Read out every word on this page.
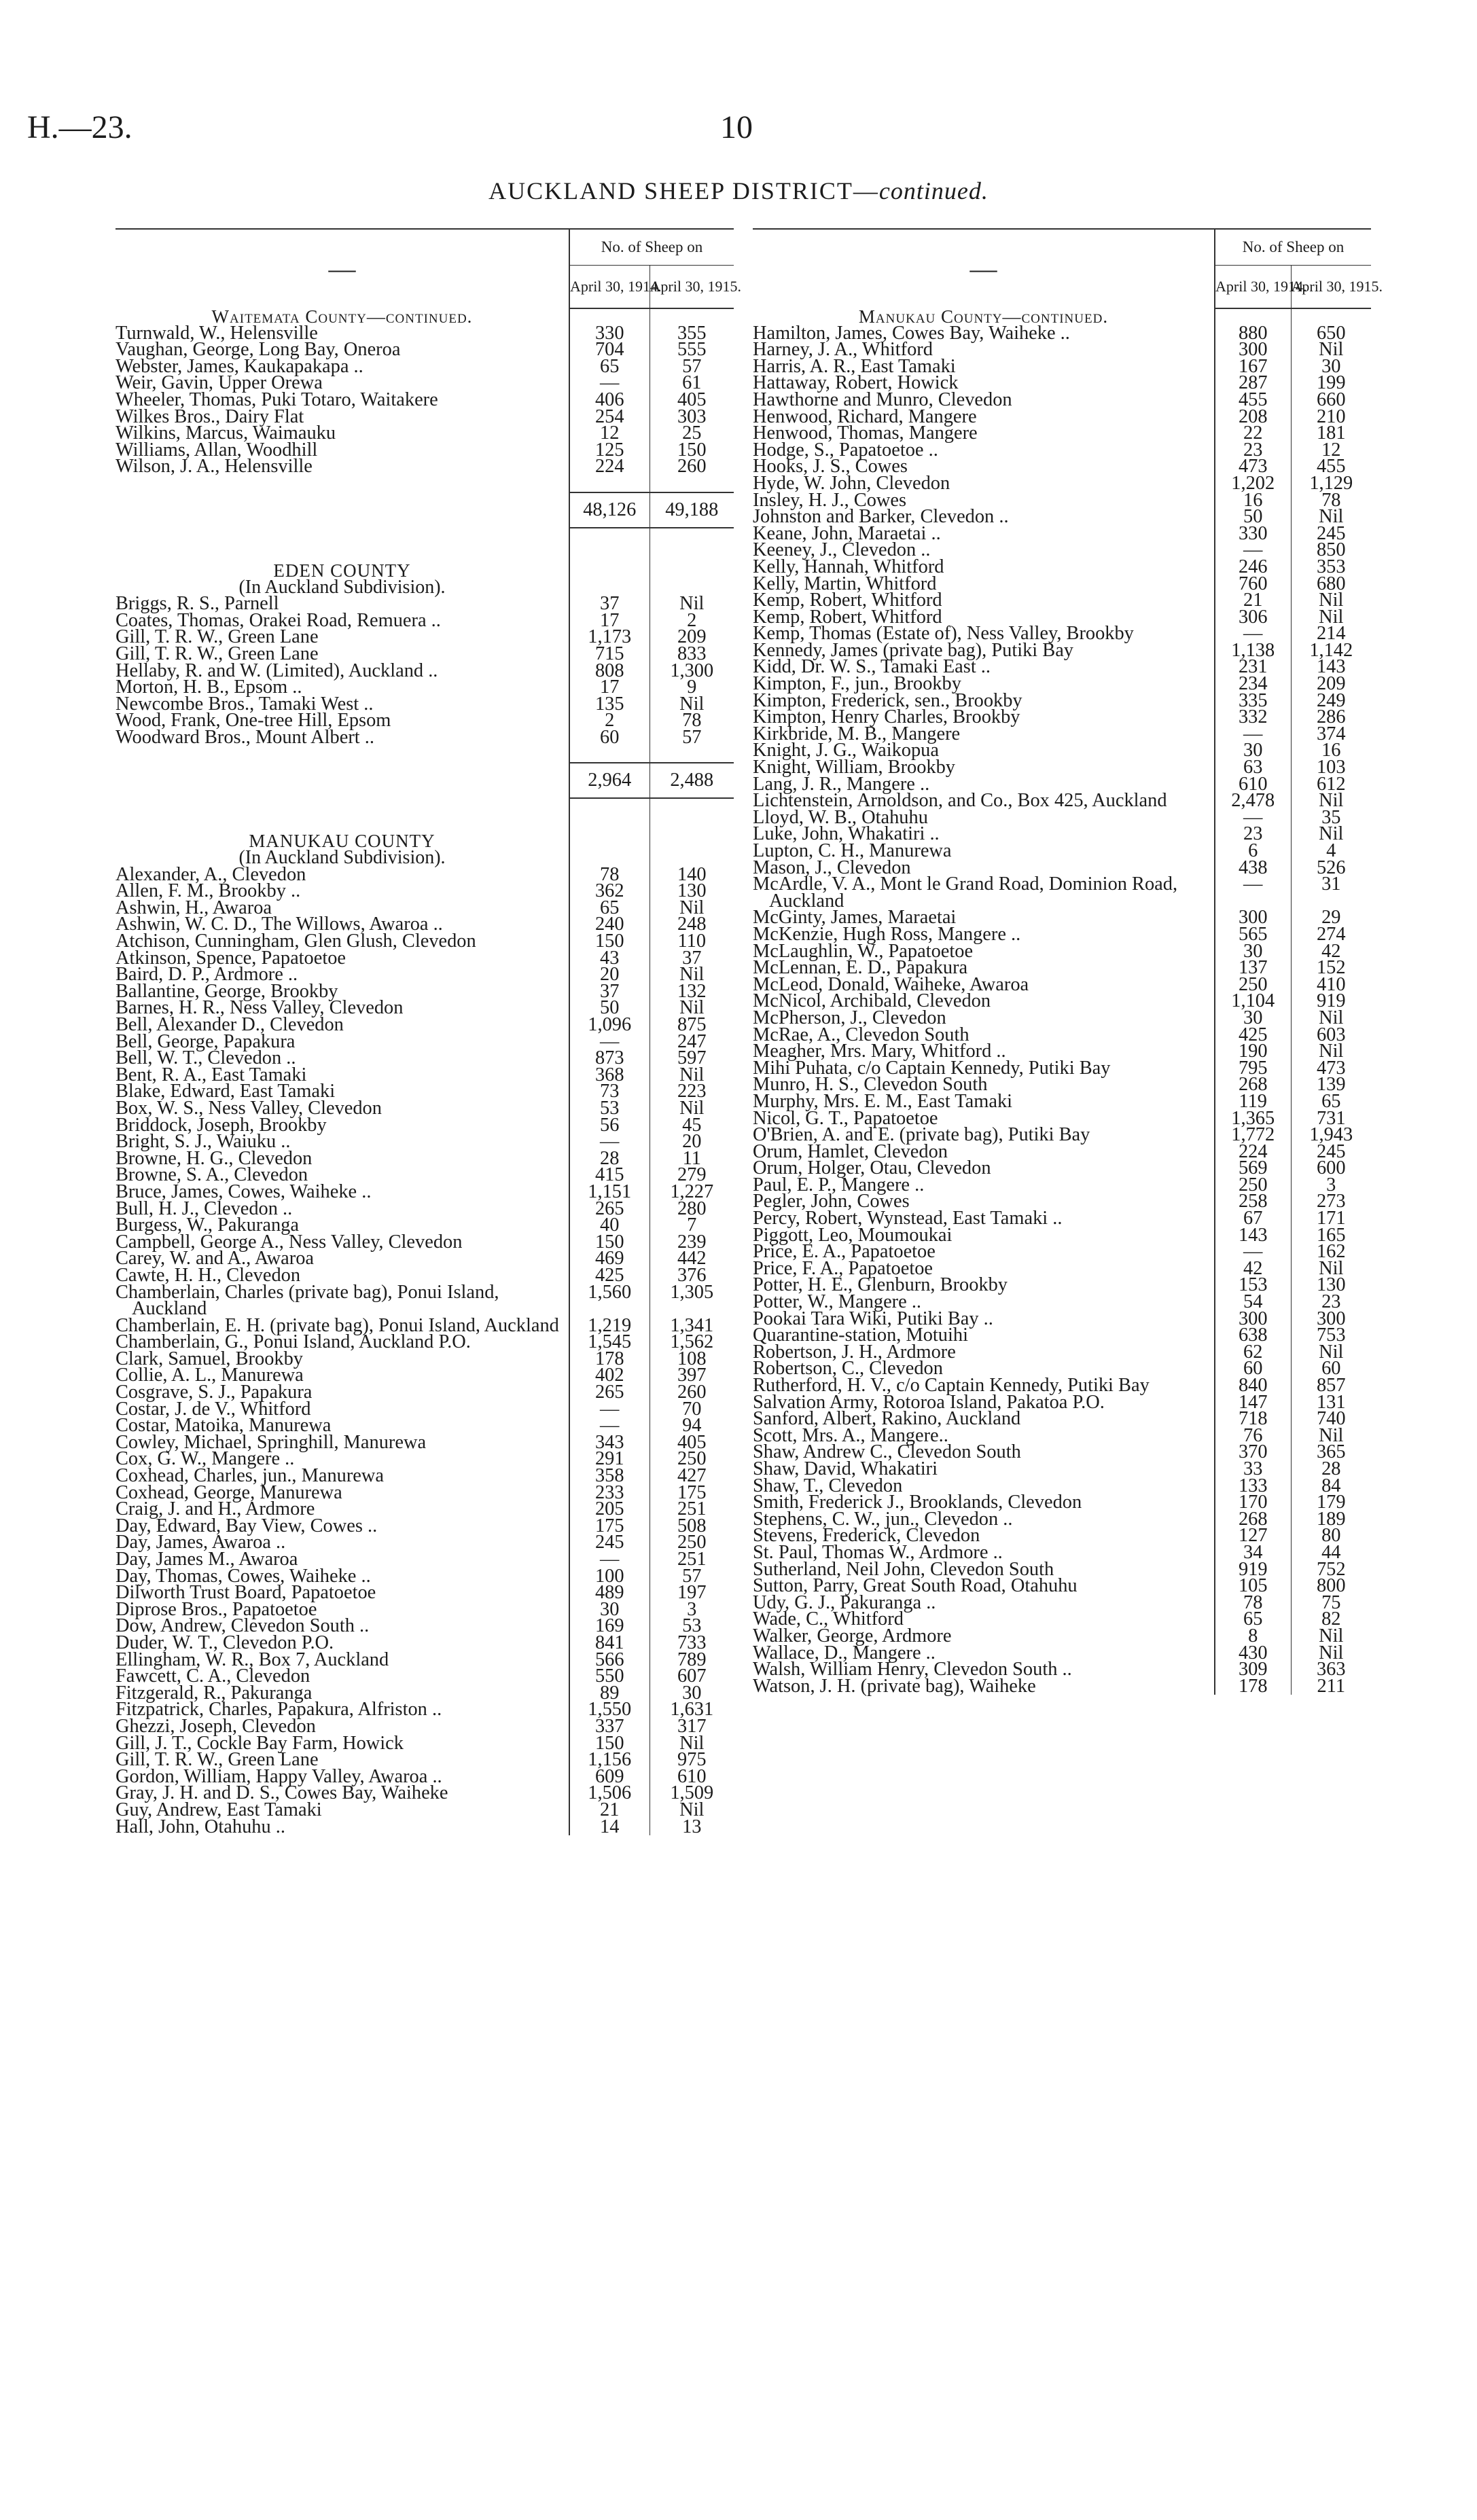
H.—23.	10
AUCKLAND SHEEP DISTRICT—continued.
—	No. of Sheep on	
	April 30, 1914.	April 30, 1915.
Waitemata County—continued.		
Turnwald, W., Helensville	330	355
Vaughan, George, Long Bay, Oneroa	704	555
Webster, James, Kaukapakapa ..	65	57
Weir, Gavin, Upper Orewa	—	61
Wheeler, Thomas, Puki Totaro, Waitakere	406	405
Wilkes Bros., Dairy Flat	254	303
Wilkins, Marcus, Waimauku	12	25
Williams, Allan, Woodhill	125	150
Wilson, J. A., Helensville	224	260

	48,126	49,188

EDEN COUNTY		
(In Auckland Subdivision).		
Briggs, R. S., Parnell	37	Nil
Coates, Thomas, Orakei Road, Remuera ..	17	2
Gill, T. R. W., Green Lane	1,173	209
Gill, T. R. W., Green Lane	715	833
Hellaby, R. and W. (Limited), Auckland ..	808	1,300
Morton, H. B., Epsom ..	17	9
Newcombe Bros., Tamaki West ..	135	Nil
Wood, Frank, One-tree Hill, Epsom	2	78
Woodward Bros., Mount Albert ..	60	57

	2,964	2,488

MANUKAU COUNTY		
(In Auckland Subdivision).		
Alexander, A., Clevedon	78	140
Allen, F. M., Brookby ..	362	130
Ashwin, H., Awaroa	65	Nil
Ashwin, W. C. D., The Willows, Awaroa ..	240	248
Atchison, Cunningham, Glen Glush, Clevedon	150	110
Atkinson, Spence, Papatoetoe	43	37
Baird, D. P., Ardmore ..	20	Nil
Ballantine, George, Brookby	37	132
Barnes, H. R., Ness Valley, Clevedon	50	Nil
Bell, Alexander D., Clevedon	1,096	875
Bell, George, Papakura	—	247
Bell, W. T., Clevedon ..	873	597
Bent, R. A., East Tamaki	368	Nil
Blake, Edward, East Tamaki	73	223
Box, W. S., Ness Valley, Clevedon	53	Nil
Briddock, Joseph, Brookby	56	45
Bright, S. J., Waiuku ..	—	20
Browne, H. G., Clevedon	28	11
Browne, S. A., Clevedon	415	279
Bruce, James, Cowes, Waiheke ..	1,151	1,227
Bull, H. J., Clevedon ..	265	280
Burgess, W., Pakuranga	40	7
Campbell, George A., Ness Valley, Clevedon	150	239
Carey, W. and A., Awaroa	469	442
Cawte, H. H., Clevedon	425	376
Chamberlain, Charles (private bag), Ponui Island, Auckland	1,560	1,305
Chamberlain, E. H. (private bag), Ponui Island, Auckland	1,219	1,341
Chamberlain, G., Ponui Island, Auckland P.O.	1,545	1,562
Clark, Samuel, Brookby	178	108
Collie, A. L., Manurewa	402	397
Cosgrave, S. J., Papakura	265	260
Costar, J. de V., Whitford	—	70
Costar, Matoika, Manurewa	—	94
Cowley, Michael, Springhill, Manurewa	343	405
Cox, G. W., Mangere ..	291	250
Coxhead, Charles, jun., Manurewa	358	427
Coxhead, George, Manurewa	233	175
Craig, J. and H., Ardmore	205	251
Day, Edward, Bay View, Cowes ..	175	508
Day, James, Awaroa ..	245	250
Day, James M., Awaroa	—	251
Day, Thomas, Cowes, Waiheke ..	100	57
Dilworth Trust Board, Papatoetoe	489	197
Diprose Bros., Papatoetoe	30	3
Dow, Andrew, Clevedon South ..	169	53
Duder, W. T., Clevedon P.O.	841	733
Ellingham, W. R., Box 7, Auckland	566	789
Fawcett, C. A., Clevedon	550	607
Fitzgerald, R., Pakuranga	89	30
Fitzpatrick, Charles, Papakura, Alfriston ..	1,550	1,631
Ghezzi, Joseph, Clevedon	337	317
Gill, J. T., Cockle Bay Farm, Howick	150	Nil
Gill, T. R. W., Green Lane	1,156	975
Gordon, William, Happy Valley, Awaroa ..	609	610
Gray, J. H. and D. S., Cowes Bay, Waiheke	1,506	1,509
Guy, Andrew, East Tamaki	21	Nil
Hall, John, Otahuhu ..	14	13
—	No. of Sheep on	
	April 30, 1914.	April 30, 1915.
Manukau County—continued.		
Hamilton, James, Cowes Bay, Waiheke ..	880	650
Harney, J. A., Whitford	300	Nil
Harris, A. R., East Tamaki	167	30
Hattaway, Robert, Howick	287	199
Hawthorne and Munro, Clevedon	455	660
Henwood, Richard, Mangere	208	210
Henwood, Thomas, Mangere	22	181
Hodge, S., Papatoetoe ..	23	12
Hooks, J. S., Cowes	473	455
Hyde, W. John, Clevedon	1,202	1,129
Insley, H. J., Cowes	16	78
Johnston and Barker, Clevedon ..	50	Nil
Keane, John, Maraetai ..	330	245
Keeney, J., Clevedon ..	—	850
Kelly, Hannah, Whitford	246	353
Kelly, Martin, Whitford	760	680
Kemp, Robert, Whitford	21	Nil
Kemp, Robert, Whitford	306	Nil
Kemp, Thomas (Estate of), Ness Valley, Brookby	—	214
Kennedy, James (private bag), Putiki Bay	1,138	1,142
Kidd, Dr. W. S., Tamaki East ..	231	143
Kimpton, F., jun., Brookby	234	209
Kimpton, Frederick, sen., Brookby	335	249
Kimpton, Henry Charles, Brookby	332	286
Kirkbride, M. B., Mangere	—	374
Knight, J. G., Waikopua	30	16
Knight, William, Brookby	63	103
Lang, J. R., Mangere ..	610	612
Lichtenstein, Arnoldson, and Co., Box 425, Auckland	2,478	Nil
Lloyd, W. B., Otahuhu	—	35
Luke, John, Whakatiri ..	23	Nil
Lupton, C. H., Manurewa	6	4
Mason, J., Clevedon	438	526
McArdle, V. A., Mont le Grand Road, Dominion Road, Auckland	—	31
McGinty, James, Maraetai	300	29
McKenzie, Hugh Ross, Mangere ..	565	274
McLaughlin, W., Papatoetoe	30	42
McLennan, E. D., Papakura	137	152
McLeod, Donald, Waiheke, Awaroa	250	410
McNicol, Archibald, Clevedon	1,104	919
McPherson, J., Clevedon	30	Nil
McRae, A., Clevedon South	425	603
Meagher, Mrs. Mary, Whitford ..	190	Nil
Mihi Puhata, c/o Captain Kennedy, Putiki Bay	795	473
Munro, H. S., Clevedon South	268	139
Murphy, Mrs. E. M., East Tamaki	119	65
Nicol, G. T., Papatoetoe	1,365	731
O'Brien, A. and E. (private bag), Putiki Bay	1,772	1,943
Orum, Hamlet, Clevedon	224	245
Orum, Holger, Otau, Clevedon	569	600
Paul, E. P., Mangere ..	250	3
Pegler, John, Cowes	258	273
Percy, Robert, Wynstead, East Tamaki ..	67	171
Piggott, Leo, Moumoukai	143	165
Price, E. A., Papatoetoe	—	162
Price, F. A., Papatoetoe	42	Nil
Potter, H. E., Glenburn, Brookby	153	130
Potter, W., Mangere ..	54	23
Pookai Tara Wiki, Putiki Bay ..	300	300
Quarantine-station, Motuihi	638	753
Robertson, J. H., Ardmore	62	Nil
Robertson, C., Clevedon	60	60
Rutherford, H. V., c/o Captain Kennedy, Putiki Bay	840	857
Salvation Army, Rotoroa Island, Pakatoa P.O.	147	131
Sanford, Albert, Rakino, Auckland	718	740
Scott, Mrs. A., Mangere..	76	Nil
Shaw, Andrew C., Clevedon South	370	365
Shaw, David, Whakatiri	33	28
Shaw, T., Clevedon	133	84
Smith, Frederick J., Brooklands, Clevedon	170	179
Stephens, C. W., jun., Clevedon ..	268	189
Stevens, Frederick, Clevedon	127	80
St. Paul, Thomas W., Ardmore ..	34	44
Sutherland, Neil John, Clevedon South	919	752
Sutton, Parry, Great South Road, Otahuhu	105	800
Udy, G. J., Pakuranga ..	78	75
Wade, C., Whitford	65	82
Walker, George, Ardmore	8	Nil
Wallace, D., Mangere ..	430	Nil
Walsh, William Henry, Clevedon South ..	309	363
Watson, J. H. (private bag), Waiheke	178	211
